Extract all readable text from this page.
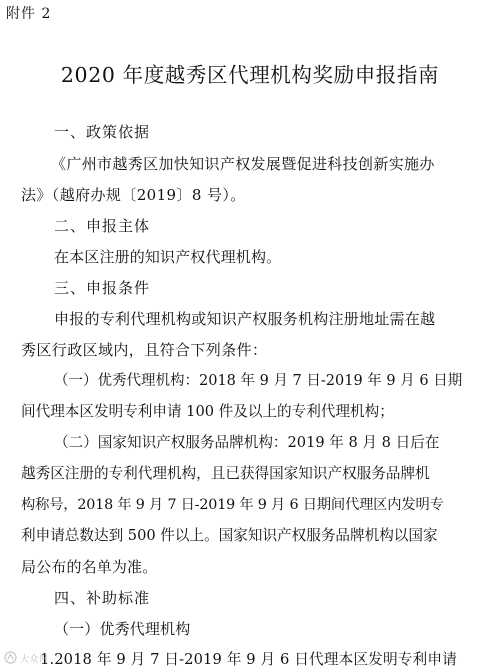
附件 2
2020 年度越秀区代理机构奖励申报指南
一、政策依据
《广州市越秀区加快知识产权发展暨促进科技创新实施办
法》（越府办规〔2019〕8 号）。
二、申报主体
在本区注册的知识产权代理机构。
三、申报条件
申报的专利代理机构或知识产权服务机构注册地址需在越
秀区行政区域内，且符合下列条件：
（一）优秀代理机构：2018 年 9 月 7 日-2019 年 9 月 6 日期
间代理本区发明专利申请 100 件及以上的专利代理机构；
（二）国家知识产权服务品牌机构：2019 年 8 月 8 日后在
越秀区注册的专利代理机构，且已获得国家知识产权服务品牌机
构称号，2018 年 9 月 7 日-2019 年 9 月 6 日期间代理区内发明专
利申请总数达到 500 件以上。国家知识产权服务品牌机构以国家
局公布的名单为准。
四、补助标准
（一）优秀代理机构
1.2018 年 9 月 7 日-2019 年 9 月 6 日代理本区发明专利申请
大众网
